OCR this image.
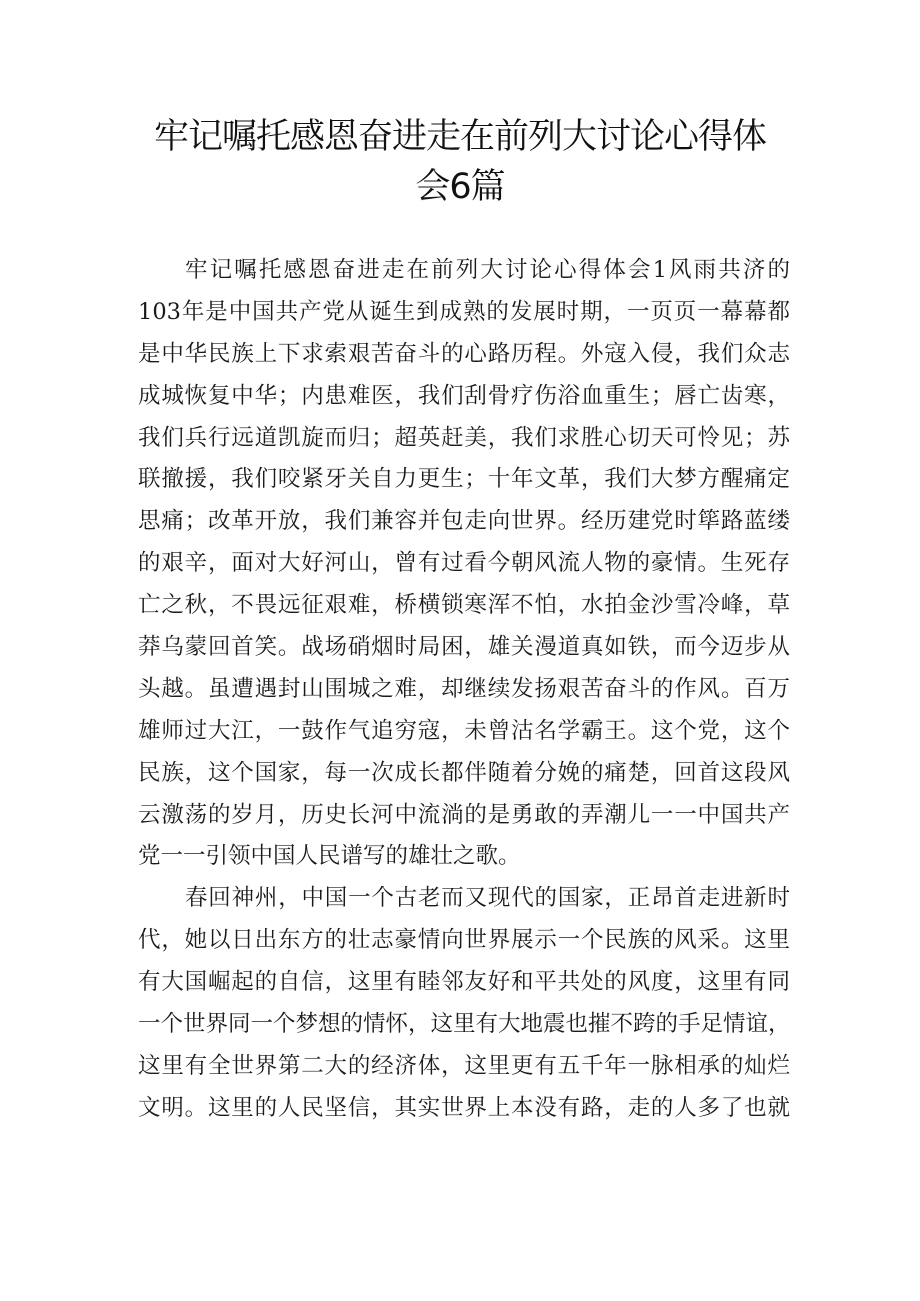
牢记嘱托感恩奋进走在前列大讨论心得体
会6篇

牢记嘱托感恩奋进走在前列大讨论心得体会1风雨共济的
103年是中国共产党从诞生到成熟的发展时期，一页页一幕幕都
是中华民族上下求索艰苦奋斗的心路历程。外寇入侵，我们众志
成城恢复中华；内患难医，我们刮骨疗伤浴血重生；唇亡齿寒，
我们兵行远道凯旋而归；超英赶美，我们求胜心切天可怜见；苏
联撤援，我们咬紧牙关自力更生；十年文革，我们大梦方醒痛定
思痛；改革开放，我们兼容并包走向世界。经历建党时筚路蓝缕
的艰辛，面对大好河山，曾有过看今朝风流人物的豪情。生死存
亡之秋，不畏远征艰难，桥横锁寒浑不怕，水拍金沙雪冷峰，草
莽乌蒙回首笑。战场硝烟时局困，雄关漫道真如铁，而今迈步从
头越。虽遭遇封山围城之难，却继续发扬艰苦奋斗的作风。百万
雄师过大江，一鼓作气追穷寇，未曾沽名学霸王。这个党，这个
民族，这个国家，每一次成长都伴随着分娩的痛楚，回首这段风
云激荡的岁月，历史长河中流淌的是勇敢的弄潮儿一一中国共产
党一一引领中国人民谱写的雄壮之歌。

春回神州，中国一个古老而又现代的国家，正昂首走进新时
代，她以日出东方的壮志豪情向世界展示一个民族的风采。这里
有大国崛起的自信，这里有睦邻友好和平共处的风度，这里有同
一个世界同一个梦想的情怀，这里有大地震也摧不跨的手足情谊，
这里有全世界第二大的经济体，这里更有五千年一脉相承的灿烂
文明。这里的人民坚信，其实世界上本没有路，走的人多了也就
